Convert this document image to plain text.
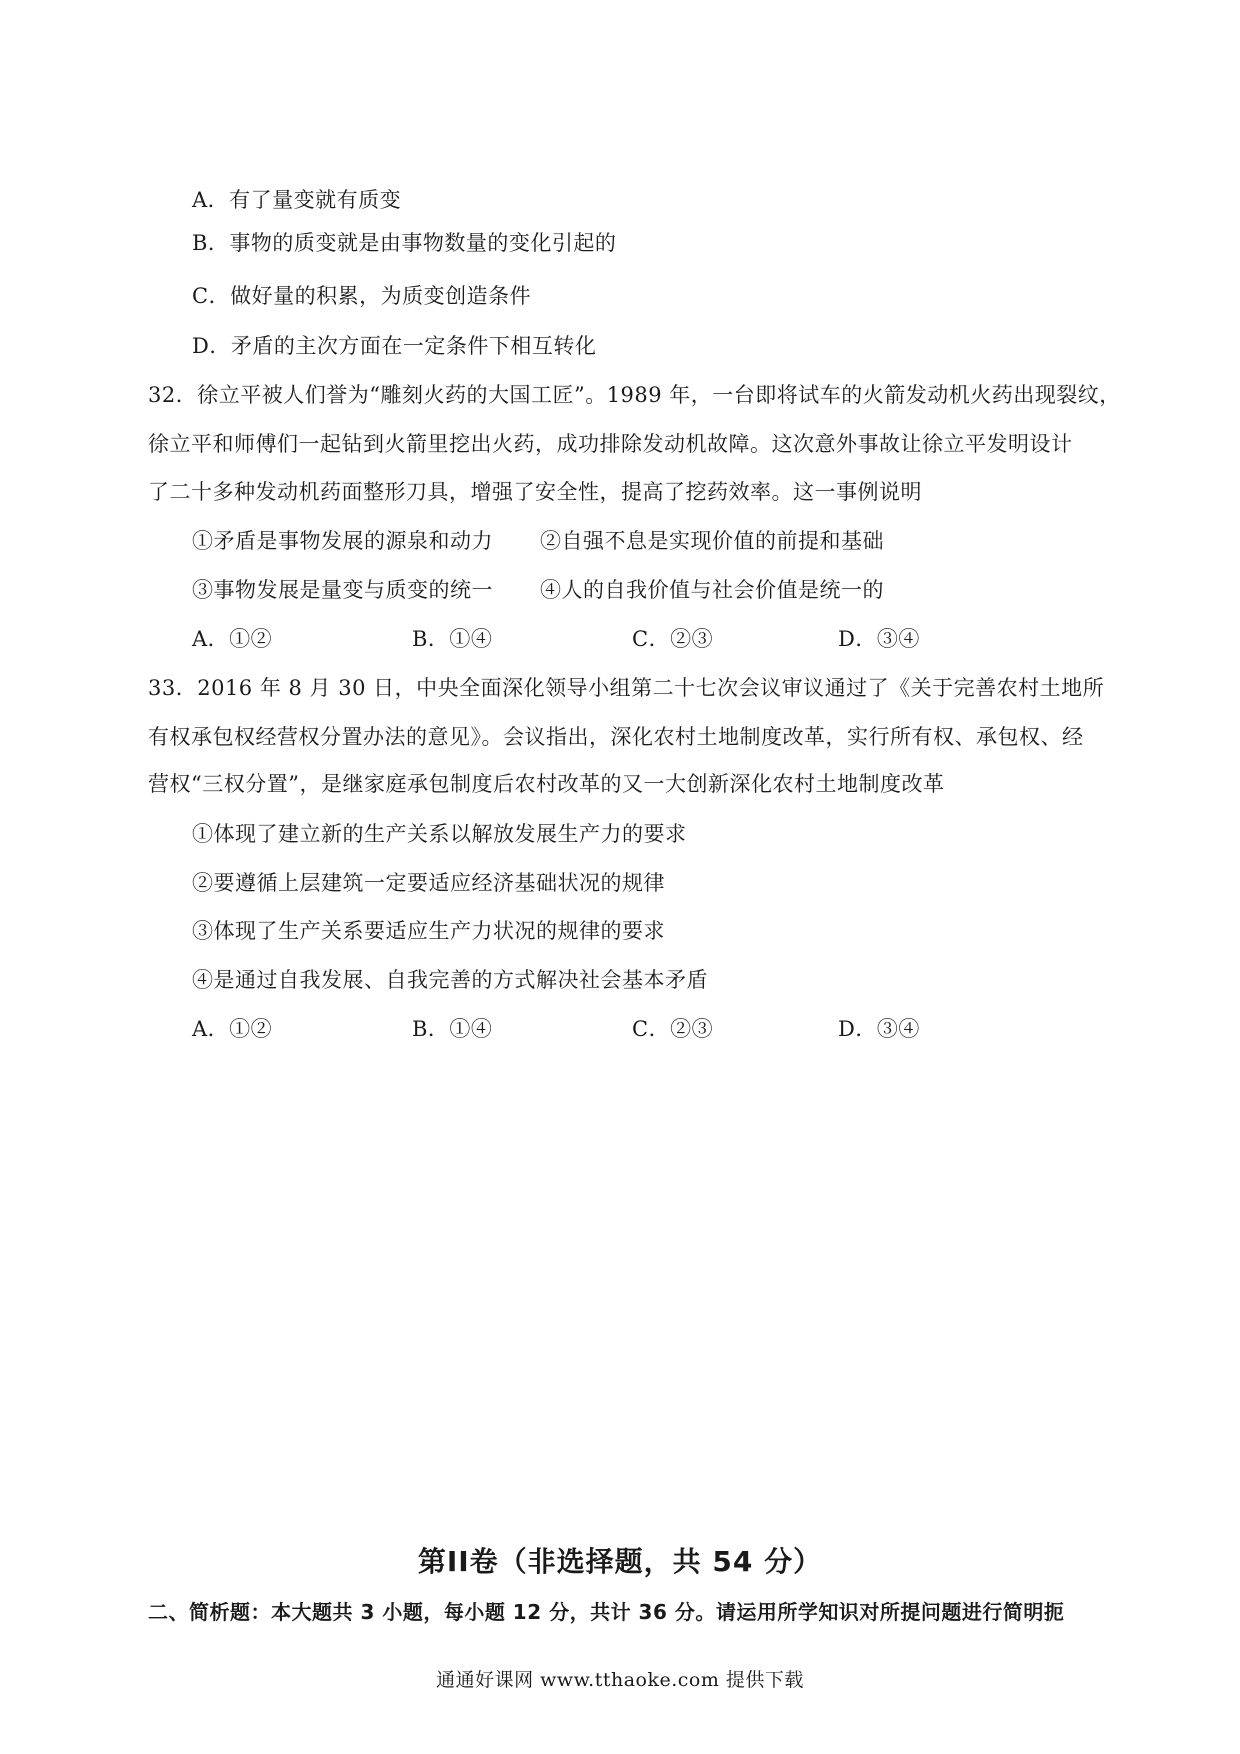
A．有了量变就有质变
B．事物的质变就是由事物数量的变化引起的
C．做好量的积累，为质变创造条件
D．矛盾的主次方面在一定条件下相互转化
32．徐立平被人们誉为“雕刻火药的大国工匠”。1989 年，一台即将试车的火箭发动机火药出现裂纹，
徐立平和师傅们一起钻到火箭里挖出火药，成功排除发动机故障。这次意外事故让徐立平发明设计
了二十多种发动机药面整形刀具，增强了安全性，提高了挖药效率。这一事例说明
①矛盾是事物发展的源泉和动力 ②自强不息是实现价值的前提和基础
③事物发展是量变与质变的统一 ④人的自我价值与社会价值是统一的
A．①②	B．①④	C．②③	D．③④
33．2016 年 8 月 30 日，中央全面深化领导小组第二十七次会议审议通过了《关于完善农村土地所
有权承包权经营权分置办法的意见》。会议指出，深化农村土地制度改革，实行所有权、承包权、经
营权“三权分置”，是继家庭承包制度后农村改革的又一大创新深化农村土地制度改革
①体现了建立新的生产关系以解放发展生产力的要求
②要遵循上层建筑一定要适应经济基础状况的规律
③体现了生产关系要适应生产力状况的规律的要求
④是通过自我发展、自我完善的方式解决社会基本矛盾
A．①②	B．①④	C．②③	D．③④
第II卷（非选择题，共 54 分）
二、简析题：本大题共 3 小题，每小题 12 分，共计 36 分。请运用所学知识对所提问题进行简明扼
通通好课网 www.tthaoke.com 提供下载
